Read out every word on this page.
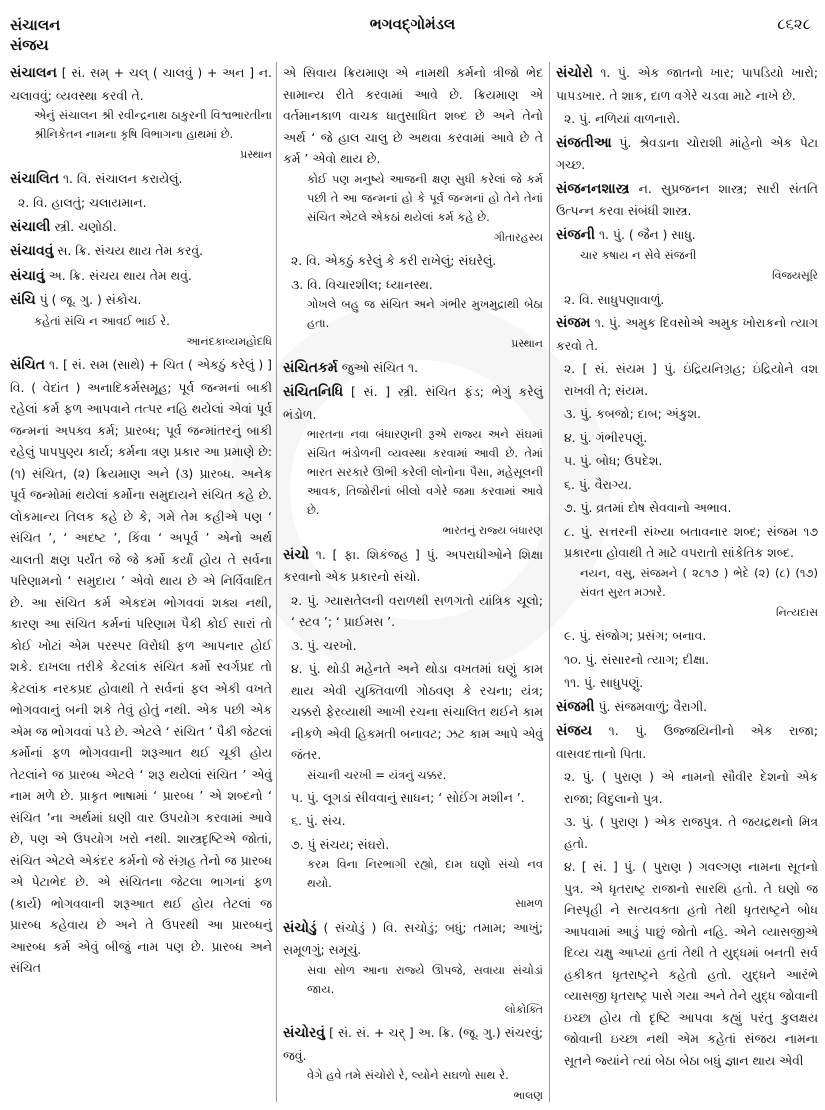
સંચાલન
સંજય
ભગવદ્ગોમંડલ	૮૬૨૮
સંચાલન [ સં. સમ્ + ચલ્ ( ચાલવું ) + અન ] ન. ચલાવવું; વ્યવસ્થા કરવી તે.
એનું સંચાલન શ્રી રવીન્દ્રનાથ ઠાકુરની વિશ્વભારતીના શ્રીનિકેતન નામના કૃષિ વિભાગના હાથમાં છે.
પ્રસ્થાન
સંચાલિત ૧. વિ. સંચાલન કરાયેલું.
૨. વિ. હાલતું; ચલાયમાન.
સંચાલી સ્ત્રી. ચણોઠી.
સંચાવવું સ. ક્રિ. સંચય થાય તેમ કરવું.
સંચાવું અ. ક્રિ. સંચય થાય તેમ થવું.
સંચિ પું ( જૂ. ગુ. ) સંકોચ.
કહેતાં સંચિ ન આવઈ ભાઈ રે.
આનંદકાવ્યમહોદધિ
સંચિત ૧. [ સં. સમ (સાથે) + ચિત ( એકઠું કરેલું ) ] વિ. ( વેદાંત ) અનાદિકર્મસમૂહ; પૂર્વ જન્મનાં બાકી રહેલાં કર્મ ફળ આપવાને તત્પર નહિ થયેલાં એવાં પૂર્વ જન્મનાં અપક્વ કર્મ; પ્રારબ્ધ; પૂર્વ જન્માંતરનું બાકી રહેલું પાપપુણ્ય કાર્ય; કર્મના ત્રણ પ્રકાર આ પ્રમાણે છે: (૧) સંચિત, (૨) ક્રિયમાણ અને (૩) પ્રારબ્ધ. અનેક પૂર્વ જન્મોમાં થયેલાં કર્મોના સમુદાયને સંચિત કહે છે. લોકમાન્ય તિલક કહે છે કે, ગમે તેમ કહીએ પણ ‘ સંચિત ’, ‘ અદષ્ટ ’, કિંવા ‘ અપૂર્વ ’ એનો અર્થ ચાલતી ક્ષણ પર્યંત જે જે કર્મો કર્યાં હોય તે સર્વના પરિણામનો ‘ સમુદાય ’ એવો થાય છે એ નિર્વિવાદિત છે. આ સંચિત કર્મ એકદમ ભોગવવાં શક્ય નથી, કારણ આ સંચિત કર્મનાં પરિણામ પૈકી કોઈ સારાં તો કોઈ ખોટાં એમ પરસ્પર વિરોધી ફળ આપનાર હોઈ શકે. દાખલા તરીકે કેટલાંક સંચિત કર્મો સ્વર્ગપ્રદ તો કેટલાંક નરકપ્રદ હોવાથી તે સર્વનાં ફલ એકી વખતે ભોગવવાનું બની શકે તેવું હોતું નથી. એક પછી એક એમ જ ભોગવવાં પડે છે. એટલે ‘ સંચિત ’ પૈકી જેટલાં કર્મોનાં ફળ ભોગવવાની શરૂઆત થઈ ચૂકી હોય તેટલાંને જ પ્રારબ્ધ એટલે ‘ શરૂ થયેલાં સંચિત ’ એવું નામ મળે છે. પ્રાકૃત ભાષામાં ‘ પ્રારબ્ધ ’ એ શબ્દનો ‘ સંચિત ’ના અર્થમાં ઘણી વાર ઉપયોગ કરવામાં આવે છે, પણ એ ઉપયોગ ખરો નથી. શાસ્ત્રદૃષ્ટિએ જોતાં, સંચિત એટલે એકંદર કર્મનો જે સંગ્રહ તેનો જ પ્રારબ્ધ એ પેટાભેદ છે. એ સંચિતના જેટલા ભાગનાં ફળ (કાર્ય) ભોગવવાની શરૂઆત થઈ હોય તેટલાં જ પ્રારબ્ધ કહેવાય છે અને તે ઉપરથી આ પ્રારબ્ધનું આરબ્ધ કર્મ એવું બીજું નામ પણ છે. પ્રારબ્ધ અને સંચિત
એ સિવાય ક્રિયમાણ એ નામથી કર્મનો ત્રીજો ભેદ સામાન્ય રીતે કરવામાં આવે છે. ક્રિયમાણ એ વર્તમાનકાળ વાચક ધાતુસાધિત શબ્દ છે અને તેનો અર્થ ‘ જે હાલ ચાલુ છે અથવા કરવામાં આવે છે તે કર્મ ’ એવો થાય છે.
કોઈ પણ મનુષ્યે આજની ક્ષણ સુધી કરેલાં જે કર્મ પછી તે આ જન્મનાં હો કે પૂર્વ જન્મનાં હો તેને તેનાં સંચિત એટલે એકઠાં થયેલાં કર્મ કહે છે.
ગીતારહસ્ય
૨. વિ. એકઠું કરેલું કે કરી રાખેલું; સંઘરેલું.
૩. વિ. વિચારશીલ; ધ્યાનસ્થ.
ગોખલે બહુ જ સંચિત અને ગંભીર મુખમુદ્રાથી બેઠા હતા.
પ્રસ્થાન
સંચિતકર્મ જુઓ સંચિત ૧.
સંચિતનિધિ [ સં. ] સ્ત્રી. સંચિત ફંડ; ભેગું કરેલું ભંડોળ.
ભારતના નવા બંધારણની રૂએ રાજ્ય અને સંઘમાં સંચિત ભંડોળની વ્યવસ્થા કરવામાં આવી છે. તેમાં ભારત સરકારે ઊભી કરેલી લોનોના પૈસા, મહેસૂલની આવક, તિજોરીનાં બીલો વગેરે જમા કરવામાં આવે છે.
ભારતનું રાજ્ય બંધારણ
સંચો ૧. [ ફા. શિકંજહ ] પું. અપરાધીઓને શિક્ષા કરવાનો એક પ્રકારનો સંચો.
૨. પું. ગ્યાસતેલની વરાળથી સળગતો યાંત્રિક ચૂલો; ‘ સ્ટવ ’; ‘ પ્રાઈમસ ’.
૩. પું. ચરખો.
૪. પું. થોડી મહેનતે અને થોડા વખતમાં ઘણું કામ થાય એવી યુક્તિવાળી ગોઠવણ કે રચના; યંત્ર; ચક્કરો ફેરવ્યાથી આખી રચના સંચાલિત થઈને કામ નીકળે એવી હિકમતી બનાવટ; ઝટ કામ આપે એવું જંતર.
સંચાની ચરખી = યંત્રનું ચક્કર.
૫. પું. લૂગડાં સીવવાનું સાધન; ‘ સોઈંગ મશીન ’.
૬. પું. સંચ.
૭. પું સંચય; સંઘરો.
કરમ વિના નિરભાગી રહ્યો, દામ ઘણો સંચો નવ થયો.
સામળ
સંચોડું ( સંચોડું ) વિ. સચોડું; બધું; તમામ; આખું; સમૂળગું; સમૂચું.
સવા સોળ આના રાજ્યે ઊપજે, સવાયા સંચોડાં જાય.
લોકોક્તિ
સંચોરવું [ સં. સં. + ચર્ ] અ. ક્રિ. (જૂ. ગુ.) સંચરવું; જવું.
વેગે હવે તમે સંચોરો રે, લ્યોને સઘળો સાથ રે.
ભાલણ
સંચોરો ૧. પું. એક જાતનો ખાર; પાપડિયો ખારો; પાપડખાર. તે શાક, દાળ વગેરે ચડવા માટે નાખે છે.
૨. પું. નળિયાં વાળનારો.
સંજતીઆ પું. શ્રેવડાના ચોરાશી માંહેનો એક પેટા ગચ્છ.
સંજનનશાસ્ત્ર ન. સુપ્રજનન શાસ્ત્ર; સારી સંતતિ ઉત્પન્ન કરવા સંબંધી શાસ્ત્ર.
સંજની ૧. પું. ( જૈન ) સાધુ.
ચાર કષાય ન સેવે સંજની
વિજયસૂરિ
૨. વિ. સાધુપણાવાળું.
સંજમ ૧. પું. અમુક દિવસોએ અમુક ખોરાકનો ત્યાગ કરવો તે.
૨. [ સં. સંયમ ] પું. ઇંદ્રિયનિગ્રહ; ઇંદ્રિયોને વશ રાખવી તે; સંયમ.
૩. પું. કબજો; દાબ; અંકુશ.
૪. પું. ગંભીરપણું.
૫. પું. બોધ; ઉપદેશ.
૬. પું. વૈરાગ્ય.
૭. પું. વ્રતમાં દોષ સેવવાનો અભાવ.
૮. પું. સત્તરની સંખ્યા બતાવનાર શબ્દ; સંજમ ૧૭ પ્રકારના હોવાથી તે માટે વપરાતો સાંકેતિક શબ્દ.
નયન, વસુ, સંજમને ( ૨૮૧૭ ) ભેદે (૨) (૮) (૧૭) સંવત સુરત મઝારે.
નિત્યદાસ
૯. પું. સંજોગ; પ્રસંગ; બનાવ.
૧૦. પું. સંસારનો ત્યાગ; દીક્ષા.
૧૧. પું. સાધુપણું.
સંજમી પું. સંજમવાળું; વૈરાગી.
સંજય ૧. પું. ઉજ્જયિનીનો એક રાજા; વાસવદત્તાનો પિતા.
૨. પું. ( પુરાણ ) એ નામનો સૌવીર દેશનો એક રાજા; વિદુલાનો પુત્ર.
૩. પું. ( પુરાણ ) એક રાજપુત્ર. તે જયદ્રથનો મિત્ર હતો.
૪. [ સં. ] પું. ( પુરાણ ) ગવલ્ગણ નામના સૂતનો પુત્ર. એ ધૃતરાષ્ટ્ર રાજાનો સારથિ હતો. તે ઘણો જ નિસ્પૃહી ને સત્યવક્તા હતો તેથી ધૃતરાષ્ટ્રને બોધ આપવામાં આડું પાછું જોતો નહિ. એને વ્યાસજીએ દિવ્ય ચક્ષુ આપ્યાં હતાં તેથી તે યુદ્ધમાં બનતી સર્વ હકીકત ધૃતરાષ્ટ્રને કહેતો હતો. યુદ્ધને આરંભે વ્યાસજી ધૃતરાષ્ટ્ર પાસે ગયા અને તેને યુદ્ધ જોવાની ઇચ્છા હોય તો દૃષ્ટિ આપવા કહ્યું પરંતુ કુલક્ષય જોવાની ઇચ્છા નથી એમ કહેતાં સંજય નામના સૂતને જ્યાંને ત્યાં બેઠા બેઠા બધું જ્ઞાન થાય એવી
